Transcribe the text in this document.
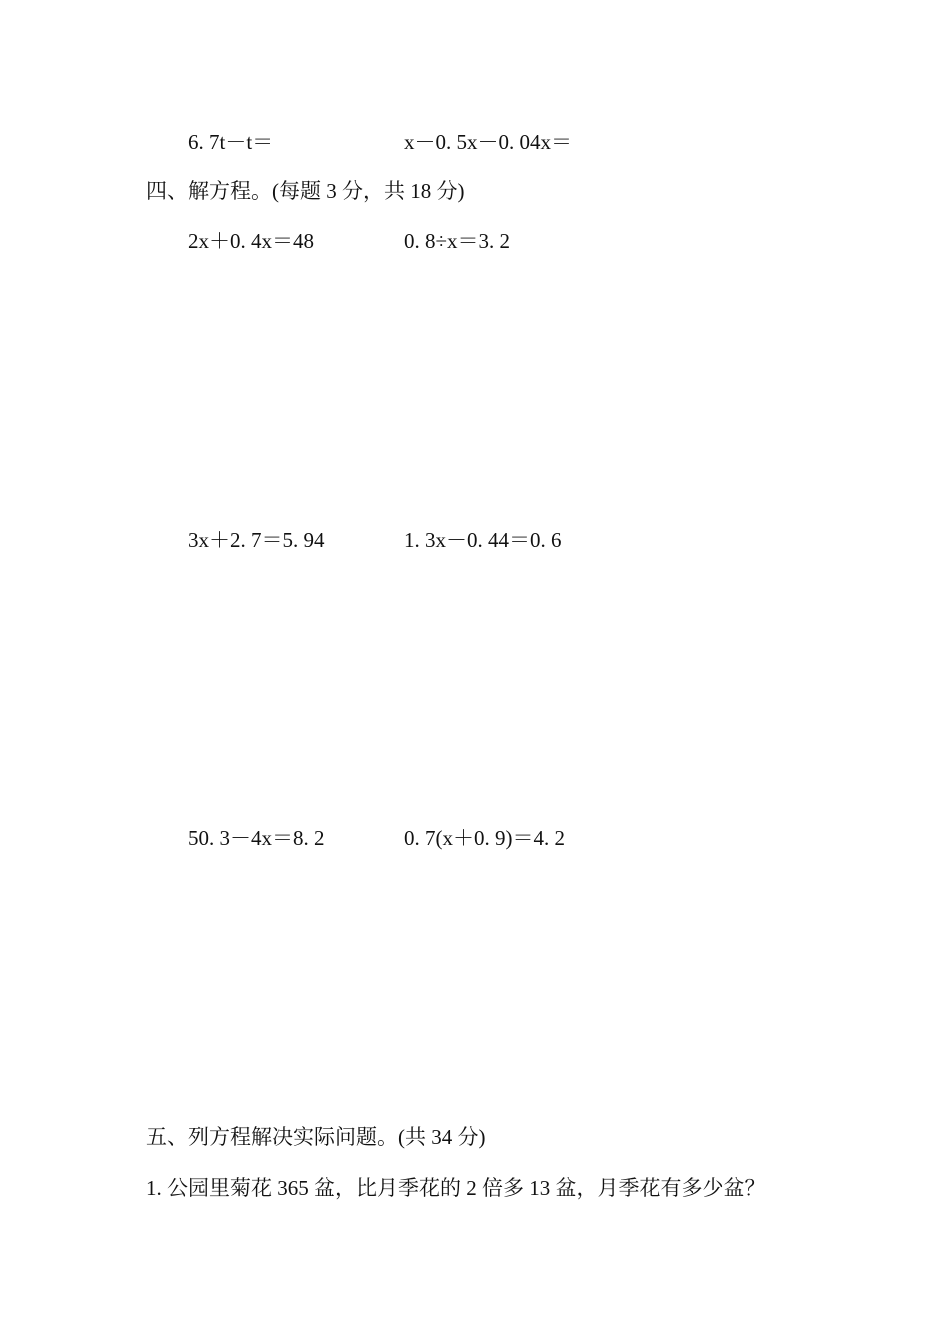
6. 7t－t＝	x－0. 5x－0. 04x＝
四、解方程。(每题 3 分，共 18 分)
2x＋0. 4x＝48	0. 8÷x＝3. 2
3x＋2. 7＝5. 94	1. 3x－0. 44＝0. 6
50. 3－4x＝8. 2	0. 7(x＋0. 9)＝4. 2
五、列方程解决实际问题。(共 34 分)
1. 公园里菊花 365 盆，比月季花的 2 倍多 13 盆，月季花有多少盆？
